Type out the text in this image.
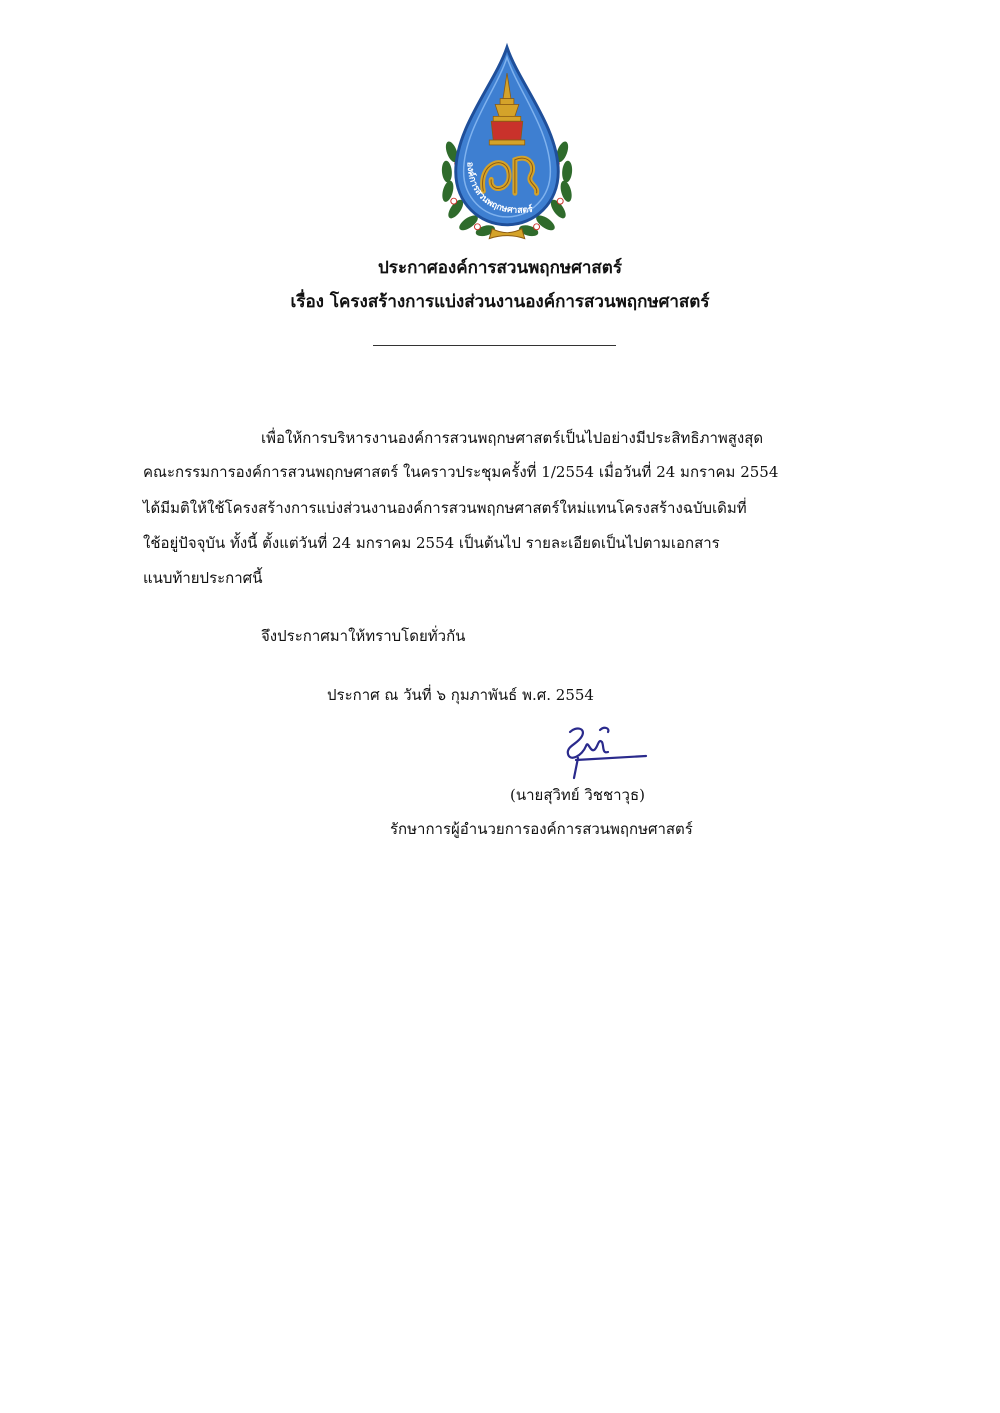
องค์การสวนพฤกษศาสตร์
ประกาศองค์การสวนพฤกษศาสตร์
เรื่อง โครงสร้างการแบ่งส่วนงานองค์การสวนพฤกษศาสตร์
เพื่อให้การบริหารงานองค์การสวนพฤกษศาสตร์เป็นไปอย่างมีประสิทธิภาพสูงสุด
คณะกรรมการองค์การสวนพฤกษศาสตร์ ในคราวประชุมครั้งที่ 1/2554 เมื่อวันที่ 24 มกราคม 2554
ได้มีมติให้ใช้โครงสร้างการแบ่งส่วนงานองค์การสวนพฤกษศาสตร์ใหม่แทนโครงสร้างฉบับเดิมที่
ใช้อยู่ปัจจุบัน ทั้งนี้ ตั้งแต่วันที่ 24 มกราคม 2554 เป็นต้นไป รายละเอียดเป็นไปตามเอกสาร
แนบท้ายประกาศนี้
จึงประกาศมาให้ทราบโดยทั่วกัน
ประกาศ ณ วันที่ ๖ กุมภาพันธ์ พ.ศ. 2554
(นายสุวิทย์ วิชชาวุธ)
รักษาการผู้อำนวยการองค์การสวนพฤกษศาสตร์
